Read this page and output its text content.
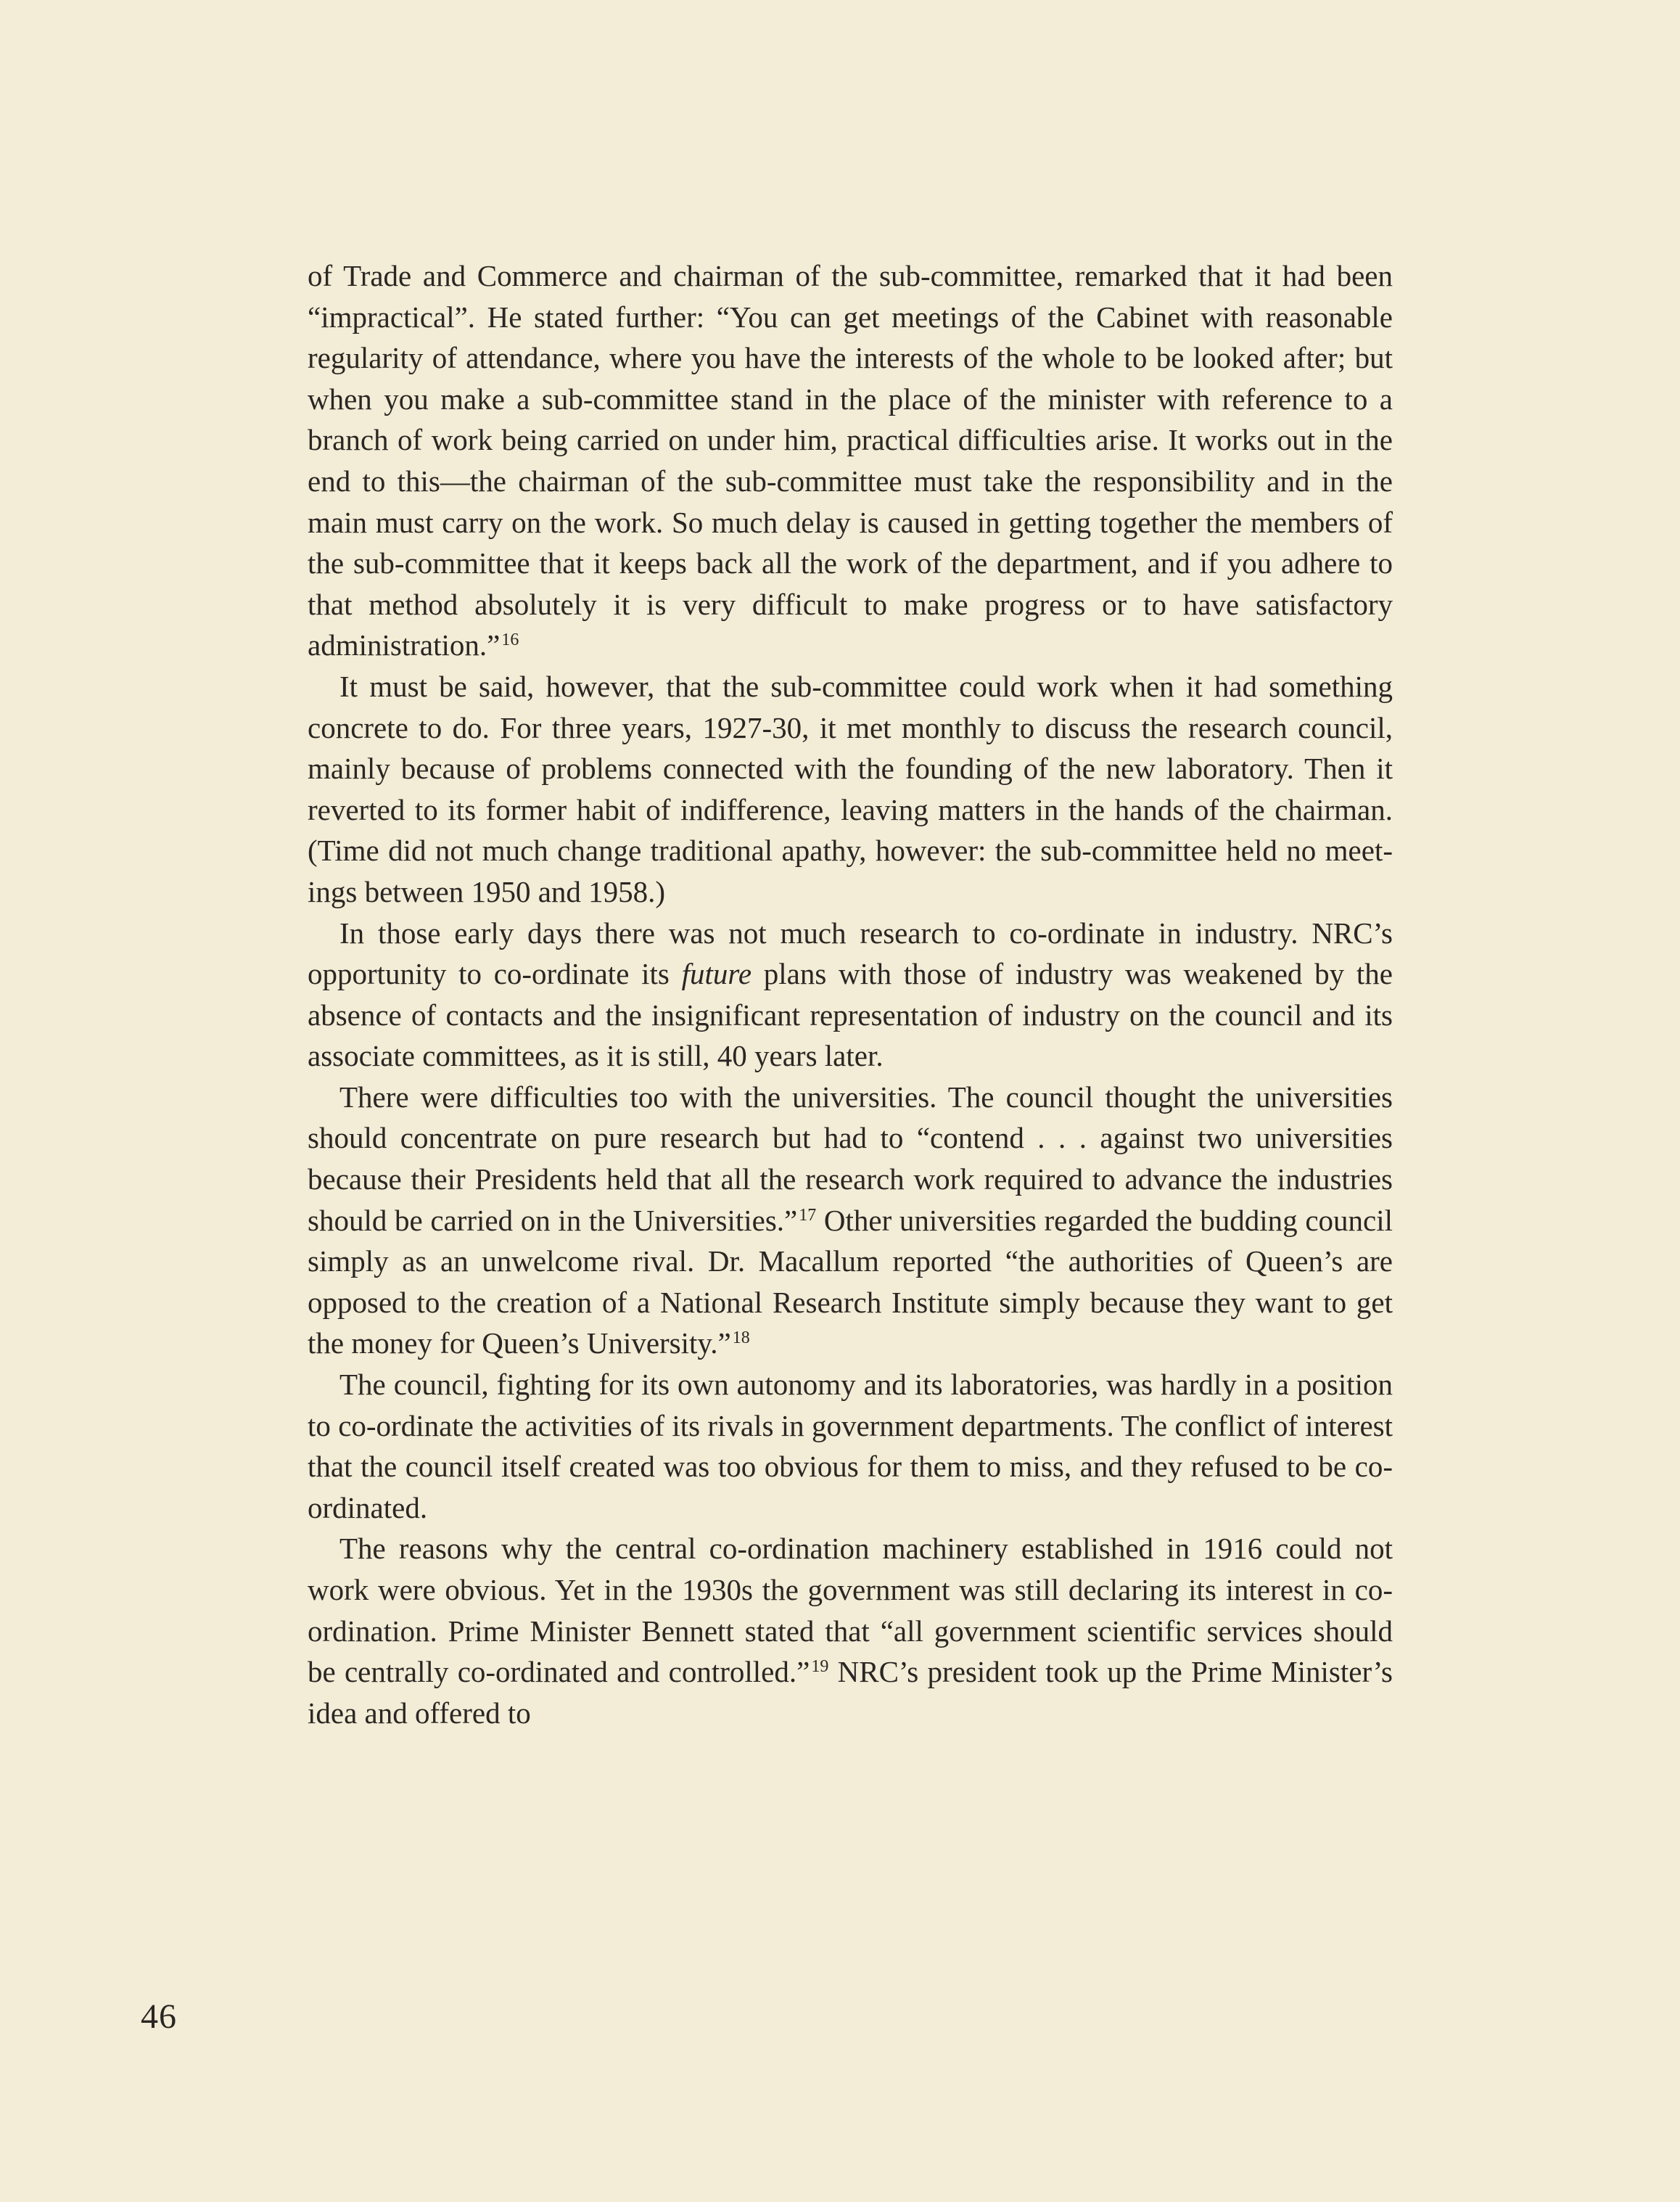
of Trade and Commerce and chairman of the sub-committee, remarked that it had been “impractical”. He stated further: “You can get meetings of the Cabinet with reasonable regularity of attendance, where you have the interests of the whole to be looked after; but when you make a sub-committee stand in the place of the minister with reference to a branch of work being carried on under him, practical difficulties arise. It works out in the end to this—the chairman of the sub-committee must take the responsibility and in the main must carry on the work. So much delay is caused in getting together the members of the sub-committee that it keeps back all the work of the department, and if you adhere to that method absolutely it is very difficult to make progress or to have satisfactory administration.”$^{16}$

It must be said, however, that the sub-committee could work when it had something concrete to do. For three years, 1927-30, it met monthly to discuss the research council, mainly because of problems connected with the founding of the new laboratory. Then it reverted to its former habit of indifference, leaving matters in the hands of the chairman. (Time did not much change traditional apathy, however: the sub-committee held no meetings between 1950 and 1958.)

In those early days there was not much research to co-ordinate in industry. NRC’s opportunity to co-ordinate its future plans with those of industry was weakened by the absence of contacts and the insignificant representation of industry on the council and its associate committees, as it is still, 40 years later.

There were difficulties too with the universities. The council thought the universities should concentrate on pure research but had to “contend . . . against two universities because their Presidents held that all the research work required to advance the industries should be carried on in the Universities.”$^{17}$ Other universities regarded the budding council simply as an unwelcome rival. Dr. Macallum reported “the authorities of Queen’s are opposed to the creation of a National Research Institute simply because they want to get the money for Queen’s University.”$^{18}$

The council, fighting for its own autonomy and its laboratories, was hardly in a position to co-ordinate the activities of its rivals in government departments. The conflict of interest that the council itself created was too obvious for them to miss, and they refused to be co-ordinated.

The reasons why the central co-ordination machinery established in 1916 could not work were obvious. Yet in the 1930s the government was still declaring its interest in co-ordination. Prime Minister Bennett stated that “all government scientific services should be centrally co-ordinated and controlled.”$^{19}$ NRC’s president took up the Prime Minister’s idea and offered to

46
